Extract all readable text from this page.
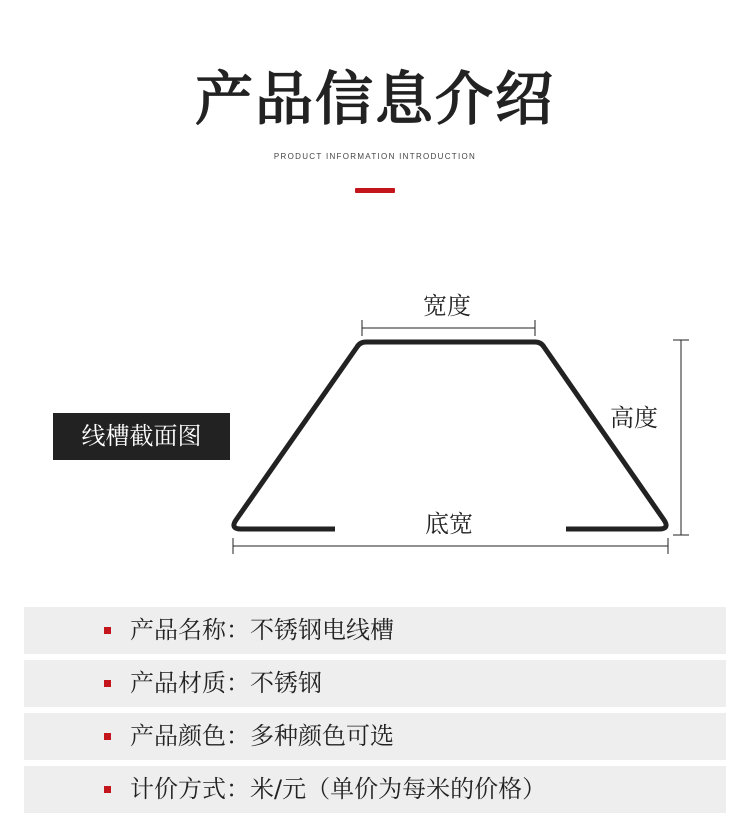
产品信息介绍
PRODUCT INFORMATION INTRODUCTION
线槽截面图
宽度
高度
底宽
产品名称：不锈钢电线槽
产品材质：不锈钢
产品颜色：多种颜色可选
计价方式：米/元（单价为每米的价格）
